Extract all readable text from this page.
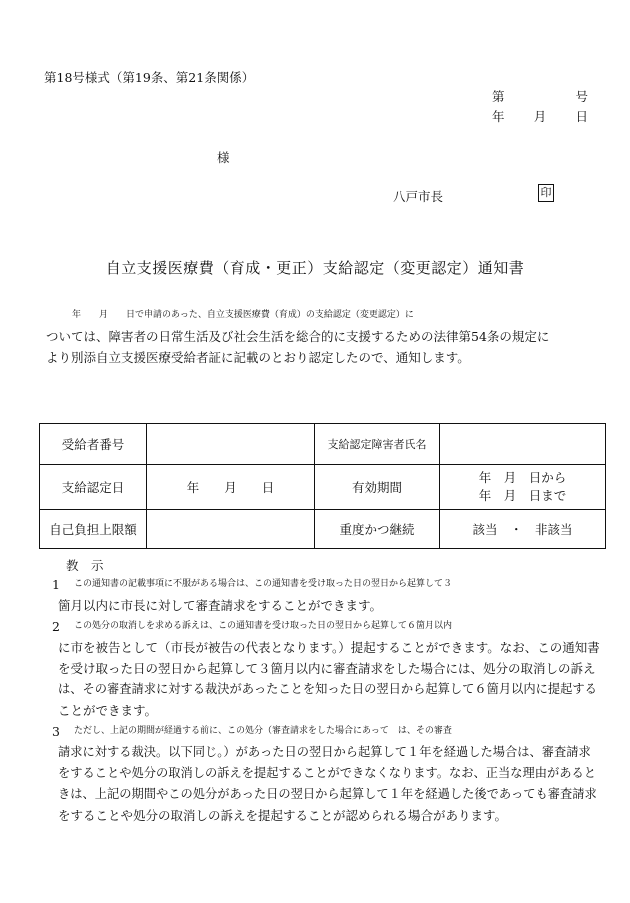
第18号様式（第19条、第21条関係）
第	号
年 月 日
様
八戸市長	印
自立支援医療費（育成・更正）支給認定（変更認定）通知書
年　　月　　日で申請のあった、自立支援医療費（育成）の支給認定（変更認定）に
ついては、障害者の日常生活及び社会生活を総合的に支援するための法律第54条の規定に
より別添自立支援医療受給者証に記載のとおり認定したので、通知します。
受給者番号		支給認定障害者氏名	
支給認定日	年　　月　　日	有効期間	年　月　日から
年　月　日まで

自己負担上限額		重度かつ継続	該当　・　非該当
教　示
1	この通知書の記載事項に不服がある場合は、この通知書を受け取った日の翌日から起算して３
箇月以内に市長に対して審査請求をすることができます。
2	この処分の取消しを求める訴えは、この通知書を受け取った日の翌日から起算して６箇月以内
に市を被告として（市長が被告の代表となります。）提起することができます。なお、この通知書
を受け取った日の翌日から起算して３箇月以内に審査請求をした場合には、処分の取消しの訴え
は、その審査請求に対する裁決があったことを知った日の翌日から起算して６箇月以内に提起する
ことができます。
3	ただし、上記の期間が経過する前に、この処分（審査請求をした場合にあって　は、その審査
請求に対する裁決。以下同じ。）があった日の翌日から起算して１年を経過した場合は、審査請求
をすることや処分の取消しの訴えを提起することができなくなります。なお、正当な理由があると
きは、上記の期間やこの処分があった日の翌日から起算して１年を経過した後であっても審査請求
をすることや処分の取消しの訴えを提起することが認められる場合があります。
